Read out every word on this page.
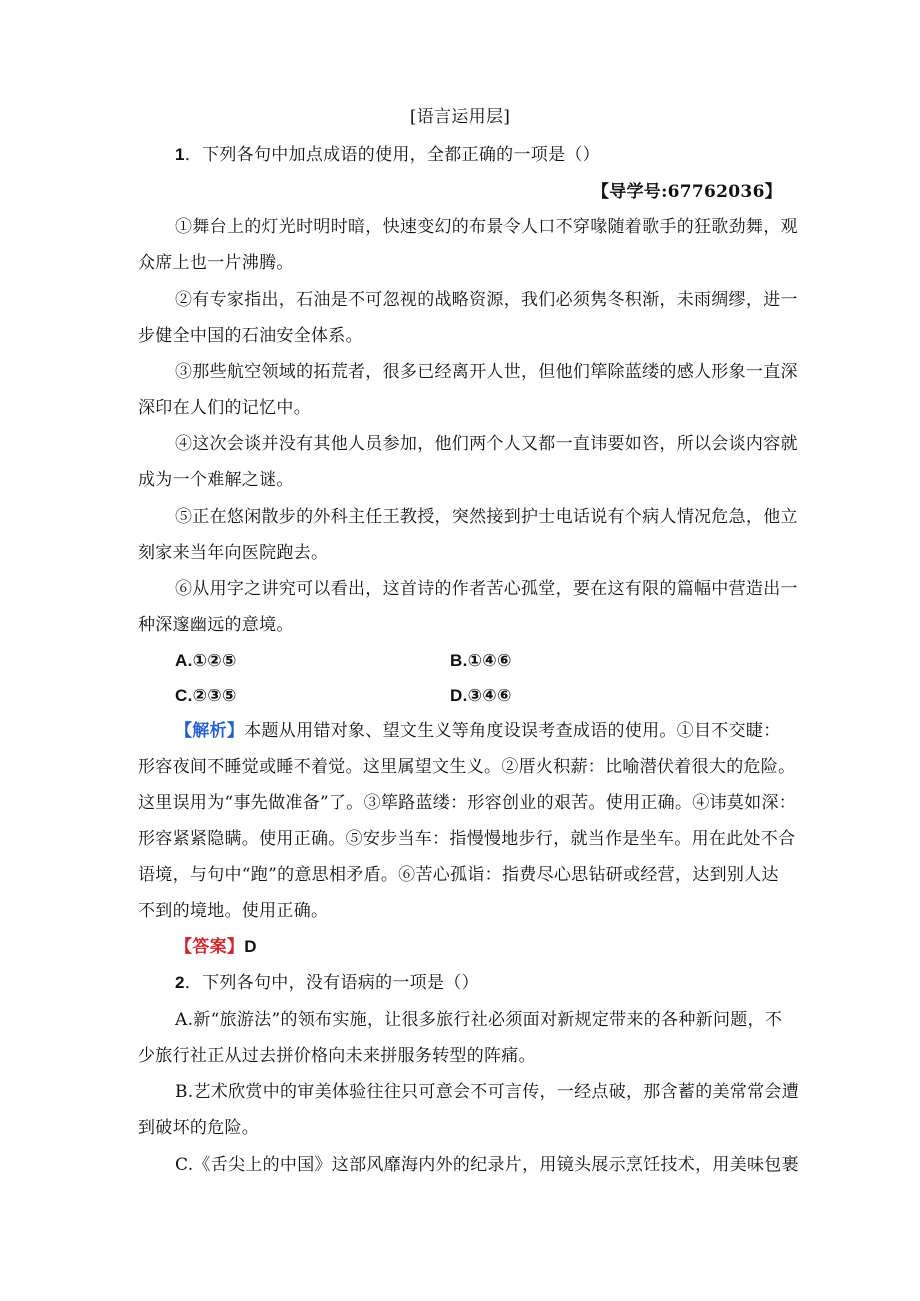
[语言运用层]
1．下列各句中加点成语的使用，全都正确的一项是（）
【导学号:67762036】
①舞台上的灯光时明时暗，快速变幻的布景令人口不穿喙随着歌手的狂歌劲舞，观
众席上也一片沸腾。
②有专家指出，石油是不可忽视的战略资源，我们必须隽冬积渐，未雨绸缪，进一
步健全中国的石油安全体系。
③那些航空领域的拓荒者，很多已经离开人世，但他们筚除蓝缕的感人形象一直深
深印在人们的记忆中。
④这次会谈并没有其他人员参加，他们两个人又都一直讳要如咨，所以会谈内容就
成为一个难解之谜。
⑤正在悠闲散步的外科主任王教授，突然接到护士电话说有个病人情况危急，他立
刻家来当年向医院跑去。
⑥从用字之讲究可以看出，这首诗的作者苦心孤堂，要在这有限的篇幅中营造出一
种深邃幽远的意境。
A.①②⑤	B.①④⑥
C.②③⑤	D.③④⑥
【解析】本题从用错对象、望文生义等角度设误考查成语的使用。①目不交睫：
形容夜间不睡觉或睡不着觉。这里属望文生义。②厝火积薪：比喻潜伏着很大的危险。
这里误用为“事先做准备”了。③筚路蓝缕：形容创业的艰苦。使用正确。④讳莫如深：
形容紧紧隐瞒。使用正确。⑤安步当车：指慢慢地步行，就当作是坐车。用在此处不合
语境，与句中“跑”的意思相矛盾。⑥苦心孤诣：指费尽心思钻研或经营，达到别人达
不到的境地。使用正确。
【答案】D
2．下列各句中，没有语病的一项是（）
A.新“旅游法”的领布实施，让很多旅行社必须面对新规定带来的各种新问题，不
少旅行社正从过去拼价格向未来拼服务转型的阵痛。
B.艺术欣赏中的审美体验往往只可意会不可言传，一经点破，那含蓄的美常常会遭
到破坏的危险。
C.《舌尖上的中国》这部风靡海内外的纪录片，用镜头展示烹饪技术，用美味包裹
